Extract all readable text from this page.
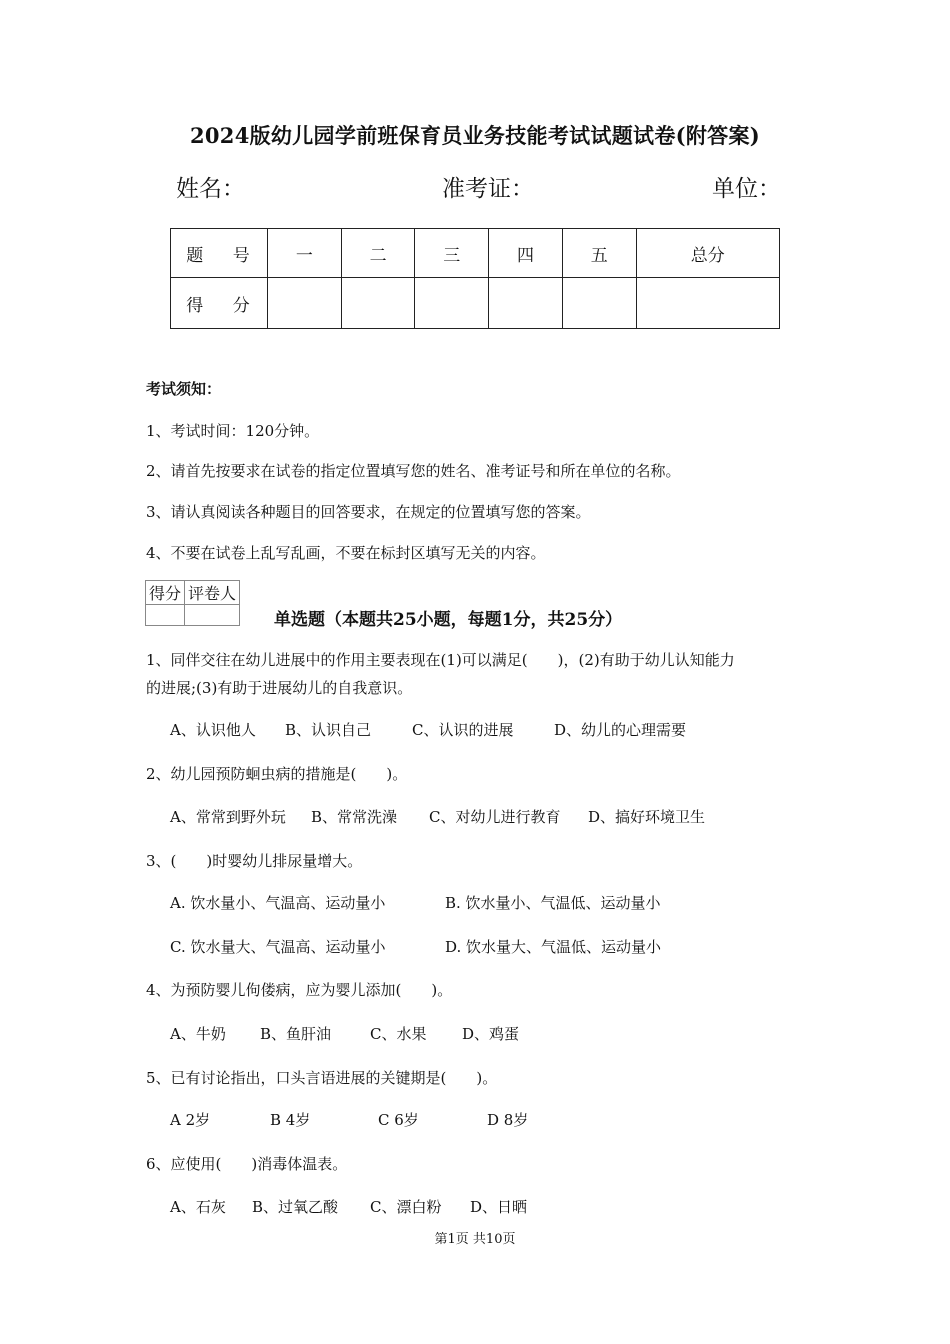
2024版幼儿园学前班保育员业务技能考试试题试卷(附答案)
姓名：	准考证：	单位：
题 号	一	二	三	四	五	总分
得 分						
考试须知：
1、考试时间：120分钟。
2、请首先按要求在试卷的指定位置填写您的姓名、准考证号和所在单位的名称。
3、请认真阅读各种题目的回答要求，在规定的位置填写您的答案。
4、不要在试卷上乱写乱画，不要在标封区填写无关的内容。
得分	评卷人

单选题（本题共25小题，每题1分，共25分）
1、同伴交往在幼儿进展中的作用主要表现在(1)可以满足(　　)，(2)有助于幼儿认知能力
的进展;(3)有助于进展幼儿的自我意识。
A、认识他人 B、认识自己	C、认识的进展	D、幼儿的心理需要
2、幼儿园预防蛔虫病的措施是(　　)。
A、常常到野外玩 B、常常洗澡 C、对幼儿进行教育 D、搞好环境卫生
3、(　　)时婴幼儿排尿量增大。
A. 饮水量小、气温高、运动量小	B. 饮水量小、气温低、运动量小
C. 饮水量大、气温高、运动量小	D. 饮水量大、气温低、运动量小
4、为预防婴儿佝偻病，应为婴儿添加(　　)。
A、牛奶 B、鱼肝油	C、水果 D、鸡蛋
5、已有讨论指出，口头言语进展的关键期是(　　)。
A 2岁	B 4岁	C 6岁	D 8岁
6、应使用(　　)消毒体温表。
A、石灰 B、过氧乙酸 C、漂白粉 D、日晒
第1页 共10页
